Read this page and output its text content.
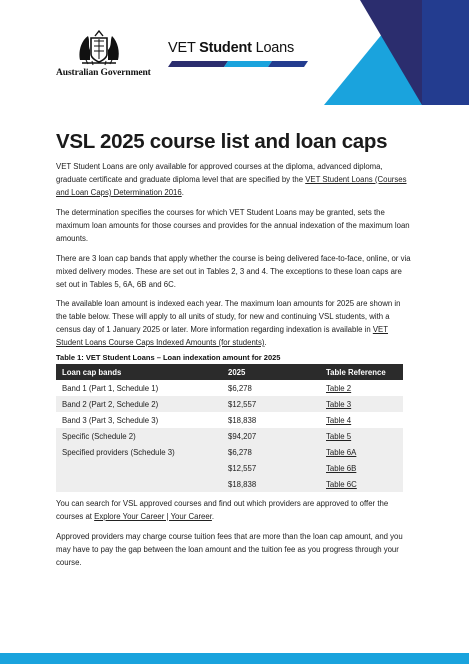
Australian Government
VET Student Loans
VSL 2025 course list and loan caps

VET Student Loans are only available for approved courses at the diploma, advanced diploma, graduate certificate and graduate diploma level that are specified by the VET Student Loans (Courses and Loan Caps) Determination 2016.

The determination specifies the courses for which VET Student Loans may be granted, sets the maximum loan amounts for those courses and provides for the annual indexation of the maximum loan amounts.

There are 3 loan cap bands that apply whether the course is being delivered face-to-face, online, or via mixed delivery modes. These are set out in Tables 2, 3 and 4. The exceptions to these loan caps are set out in Tables 5, 6A, 6B and 6C.

The available loan amount is indexed each year. The maximum loan amounts for 2025 are shown in the table below. These will apply to all units of study, for new and continuing VSL students, with a census day of 1 January 2025 or later. More information regarding indexation is available in VET Student Loans Course Caps Indexed Amounts (for students).

Table 1: VET Student Loans – Loan indexation amount for 2025
Loan cap bands	2025	Table Reference
Band 1 (Part 1, Schedule 1)	$6,278	Table 2
Band 2 (Part 2, Schedule 2)	$12,557	Table 3
Band 3 (Part 3, Schedule 3)	$18,838	Table 4
Specific (Schedule 2)	$94,207	Table 5
Specified providers (Schedule 3)	$6,278	Table 6A
	$12,557	Table 6B
	$18,838	Table 6C

You can search for VSL approved courses and find out which providers are approved to offer the courses at Explore Your Career | Your Career.

Approved providers may charge course tuition fees that are more than the loan cap amount, and you may have to pay the gap between the loan amount and the tuition fee as you progress through your course.
